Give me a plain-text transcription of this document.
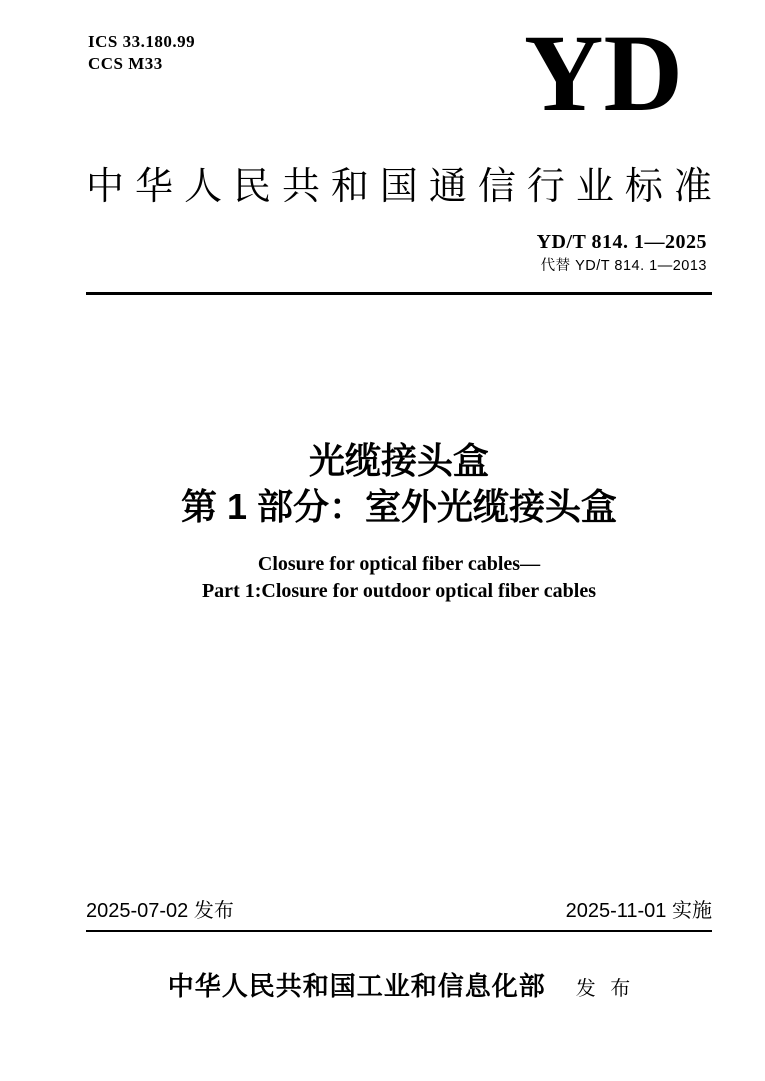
ICS 33.180.99
CCS M33	YD
中 华 人 民 共 和 国 通 信 行 业 标 准
YD/T 814. 1—2025
代替 YD/T 814. 1—2013
光缆接头盒
第 1 部分：室外光缆接头盒
Closure for optical fiber cables—
Part 1:Closure for outdoor optical fiber cables
2025-07-02 发布	2025-11-01 实施
中华人民共和国工业和信息化部 发 布
